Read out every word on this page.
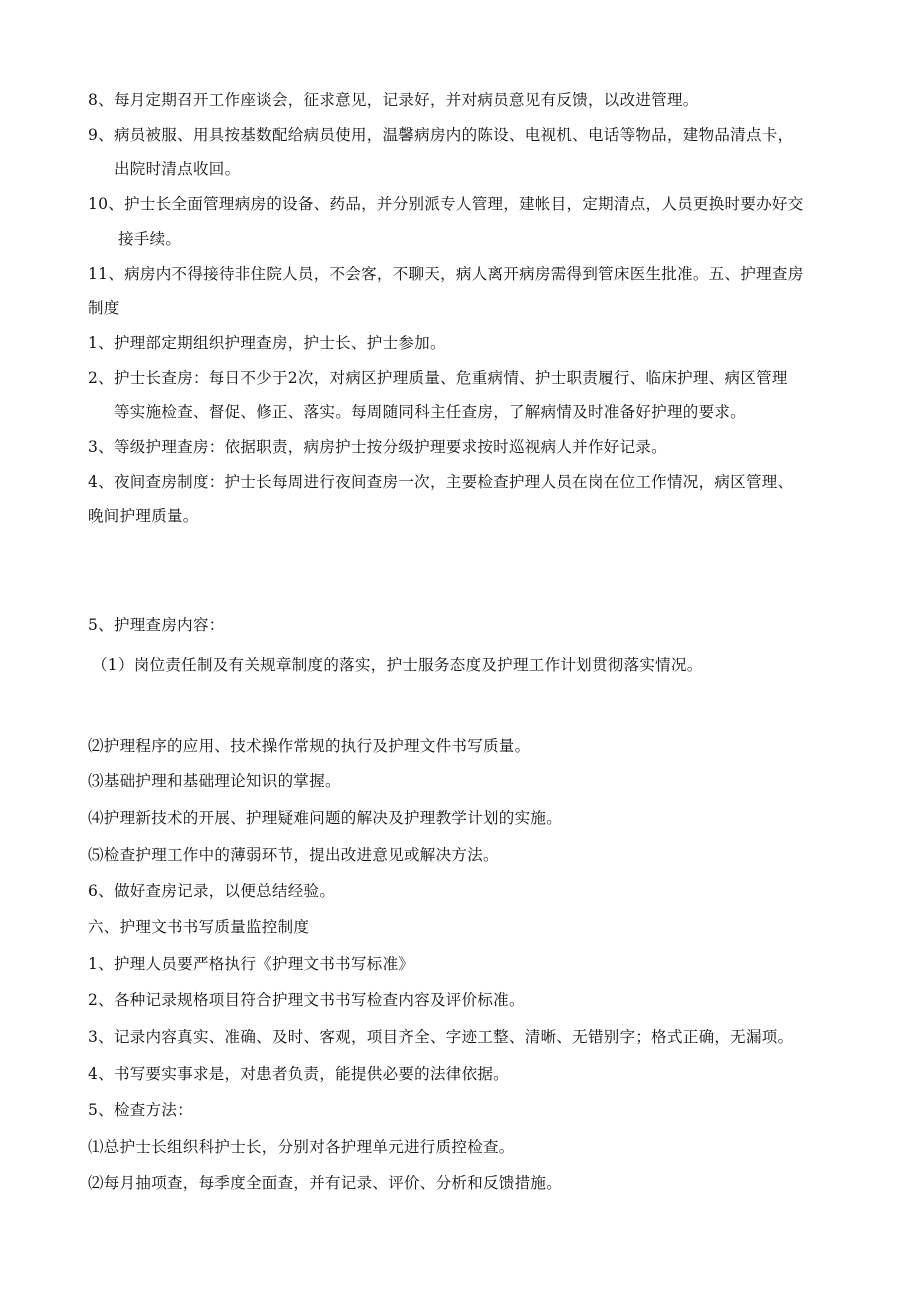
8、每月定期召开工作座谈会，征求意见，记录好，并对病员意见有反馈，以改进管理。
9、病员被服、用具按基数配给病员使用，温馨病房内的陈设、电视机、电话等物品，建物品清点卡，
出院时清点收回。
10、护士长全面管理病房的设备、药品，并分别派专人管理，建帐目，定期清点，人员更换时要办好交
接手续。
11、病房内不得接待非住院人员，不会客，不聊天，病人离开病房需得到管床医生批准。五、护理查房
制度
1、护理部定期组织护理查房，护士长、护士参加。
2、护士长查房：每日不少于2次，对病区护理质量、危重病情、护士职责履行、临床护理、病区管理
等实施检查、督促、修正、落实。每周随同科主任查房，了解病情及时准备好护理的要求。
3、等级护理查房：依据职责，病房护士按分级护理要求按时巡视病人并作好记录。
4、夜间查房制度：护士长每周进行夜间查房一次，主要检查护理人员在岗在位工作情况，病区管理、
晚间护理质量。
5、护理查房内容：
（1）岗位责任制及有关规章制度的落实，护士服务态度及护理工作计划贯彻落实情况。
⑵护理程序的应用、技术操作常规的执行及护理文件书写质量。
⑶基础护理和基础理论知识的掌握。
⑷护理新技术的开展、护理疑难问题的解决及护理教学计划的实施。
⑸检查护理工作中的薄弱环节，提出改进意见或解决方法。
6、做好查房记录，以便总结经验。
六、护理文书书写质量监控制度
1、护理人员要严格执行《护理文书书写标准》
2、各种记录规格项目符合护理文书书写检查内容及评价标准。
3、记录内容真实、准确、及时、客观，项目齐全、字迹工整、清晰、无错别字；格式正确，无漏项。
4、书写要实事求是，对患者负责，能提供必要的法律依据。
5、检查方法：
⑴总护士长组织科护士长，分别对各护理单元进行质控检查。
⑵每月抽项查，每季度全面查，并有记录、评价、分析和反馈措施。
